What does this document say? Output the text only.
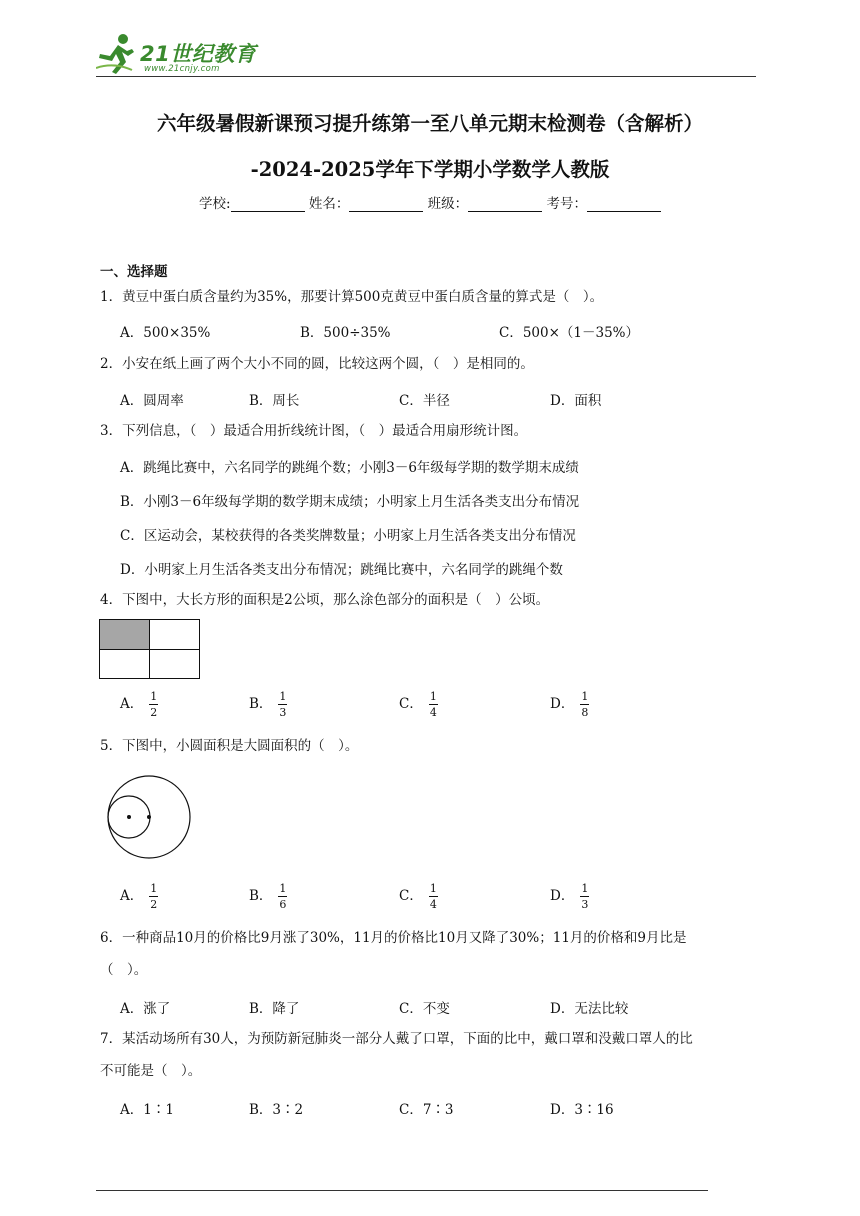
21世纪教育
www.21cnjy.com
六年级暑假新课预习提升练第一至八单元期末检测卷（含解析）
-2024-2025学年下学期小学数学人教版
学校:	姓名：	班级：	考号：
一、选择题
1．黄豆中蛋白质含量约为35%，那要计算500克黄豆中蛋白质含量的算式是（　）。
A．500×35%	B．500÷35%	C．500×（1－35%）
2．小安在纸上画了两个大小不同的圆，比较这两个圆，（　）是相同的。
A．圆周率	B．周长	C．半径	D．面积
3．下列信息，（　）最适合用折线统计图，（　）最适合用扇形统计图。
A．跳绳比赛中，六名同学的跳绳个数；小刚3－6年级每学期的数学期末成绩
B．小刚3－6年级每学期的数学期末成绩；小明家上月生活各类支出分布情况
C．区运动会，某校获得的各类奖牌数量；小明家上月生活各类支出分布情况
D．小明家上月生活各类支出分布情况；跳绳比赛中，六名同学的跳绳个数
4．下图中，大长方形的面积是2公顷，那么涂色部分的面积是（　）公顷。
A． $\frac{1}{2}$	B． $\frac{1}{3}$	C． $\frac{1}{4}$	D． $\frac{1}{8}$
5．下图中，小圆面积是大圆面积的（　）。
A． $\frac{1}{2}$	B． $\frac{1}{6}$	C． $\frac{1}{4}$	D． $\frac{1}{3}$
6．一种商品10月的价格比9月涨了30%，11月的价格比10月又降了30%；11月的价格和9月比是
（　）。
A．涨了	B．降了	C．不变	D．无法比较
7．某活动场所有30人，为预防新冠肺炎一部分人戴了口罩，下面的比中，戴口罩和没戴口罩人的比
不可能是（　）。
A．1∶1	B．3∶2	C．7∶3	D．3∶16
